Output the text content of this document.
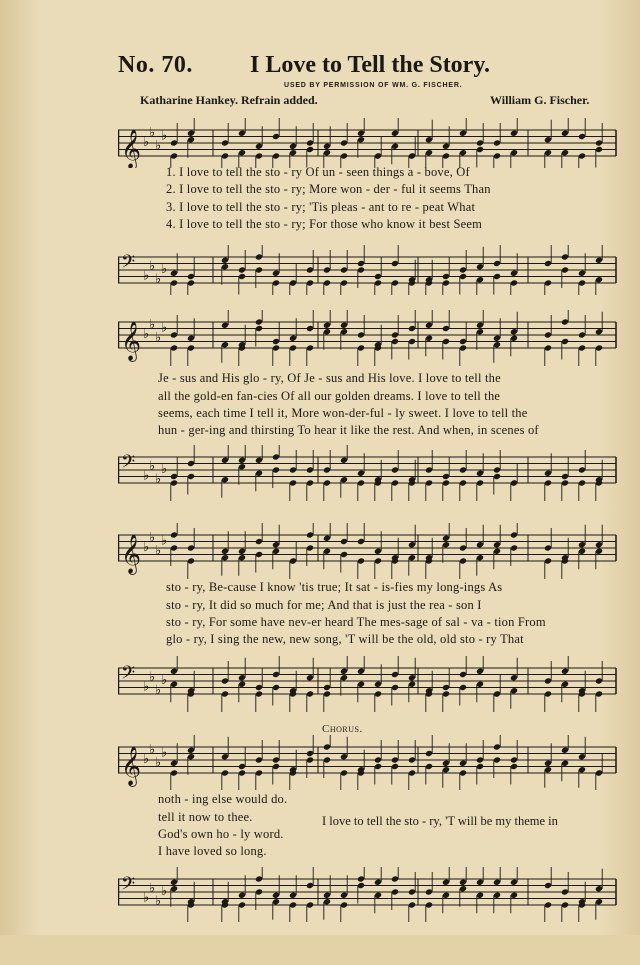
No. 70. I Love to Tell the Story.
USED BY PERMISSION OF WM. G. FISCHER.
Katharine Hankey. Refrain added.	William G. Fischer.
𝄞 ♭
♭
♭
♭
1. I love to tell the sto - ry Of un - seen things a - bove, Of
2. I love to tell the sto - ry; More won - der - ful it seems Than
3. I love to tell the sto - ry; 'Tis pleas - ant to re - peat What
4. I love to tell the sto - ry; For those who know it best Seem
𝄢 ♭
♭
♭
♭
𝄞 ♭
♭
♭
♭
Je - sus and His glo - ry, Of Je - sus and His love. I love to tell the
all the gold-en fan-cies Of all our golden dreams. I love to tell the
seems, each time I tell it, More won-der-ful - ly sweet. I love to tell the
hun - ger-ing and thirsting To hear it like the rest. And when, in scenes of
𝄢 ♭
♭
♭
♭
𝄞 ♭
♭
♭
♭
sto - ry, Be-cause I know 'tis true; It sat - is-fies my long-ings As
sto - ry, It did so much for me; And that is just the rea - son I
sto - ry, For some have nev-er heard The mes-sage of sal - va - tion From
glo - ry, I sing the new, new song, 'T will be the old, old sto - ry That
𝄢 ♭
♭
♭
♭
Chorus.
𝄞 ♭
♭
♭
♭
noth - ing else would do.
tell it now to thee.
God's own ho - ly word.
I have loved so long.
𝄢 ♭
♭
♭
♭
I love to tell the sto - ry, 'T will be my theme in
